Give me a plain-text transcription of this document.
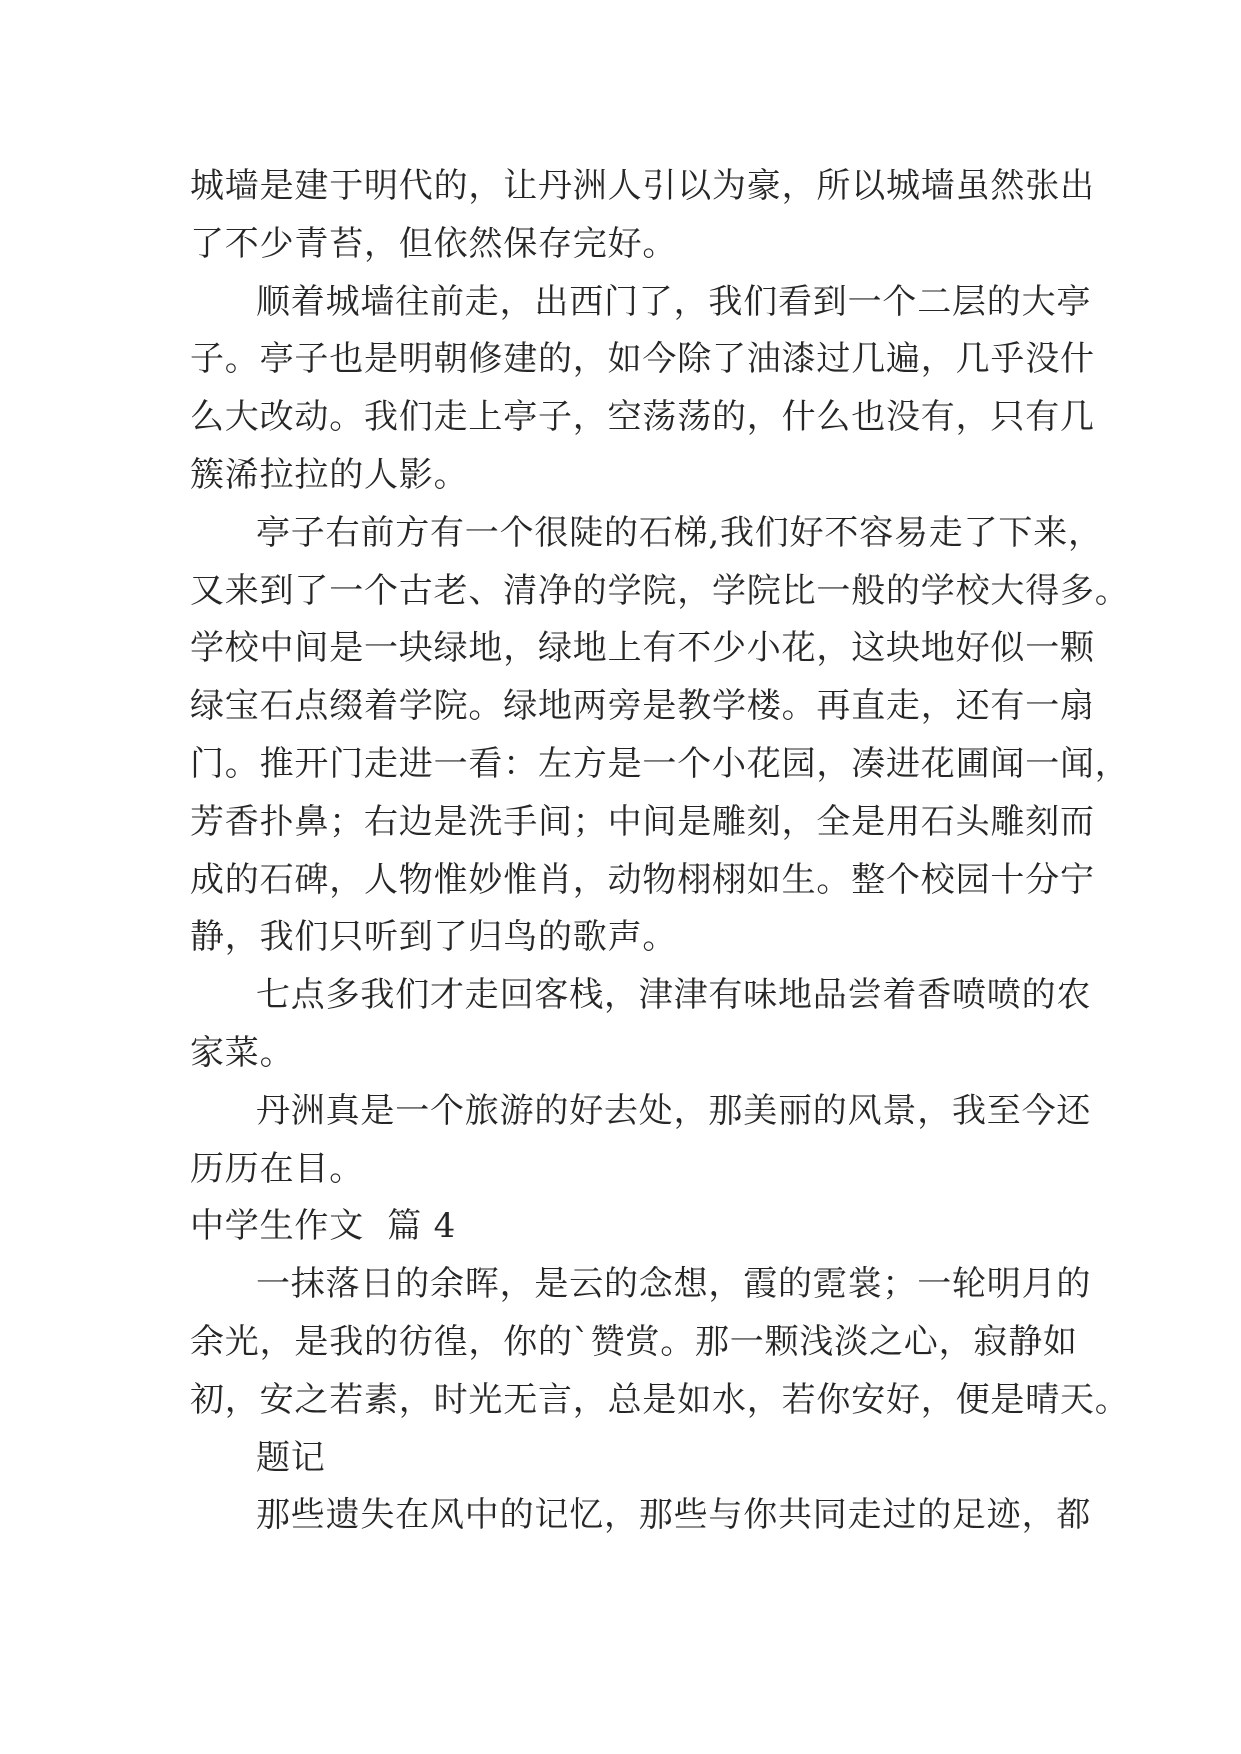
城墙是建于明代的，让丹洲人引以为豪，所以城墙虽然张出
了不少青苔，但依然保存完好。
顺着城墙往前走，出西门了，我们看到一个二层的大亭
子。亭子也是明朝修建的，如今除了油漆过几遍，几乎没什
么大改动。我们走上亭子，空荡荡的，什么也没有，只有几
簇浠拉拉的人影。
亭子右前方有一个很陡的石梯,我们好不容易走了下来，
又来到了一个古老、清净的学院，学院比一般的学校大得多。
学校中间是一块绿地，绿地上有不少小花，这块地好似一颗
绿宝石点缀着学院。绿地两旁是教学楼。再直走，还有一扇
门。推开门走进一看：左方是一个小花园，凑进花圃闻一闻，
芳香扑鼻；右边是洗手间；中间是雕刻，全是用石头雕刻而
成的石碑，人物惟妙惟肖，动物栩栩如生。整个校园十分宁
静，我们只听到了归鸟的歌声。
七点多我们才走回客栈，津津有味地品尝着香喷喷的农
家菜。
丹洲真是一个旅游的好去处，那美丽的风景，我至今还
历历在目。
中学生作文  篇 4
一抹落日的余晖，是云的念想，霞的霓裳；一轮明月的
余光，是我的彷徨，你的`赞赏。那一颗浅淡之心，寂静如
初，安之若素，时光无言，总是如水，若你安好，便是晴天。
题记
那些遗失在风中的记忆，那些与你共同走过的足迹，都
